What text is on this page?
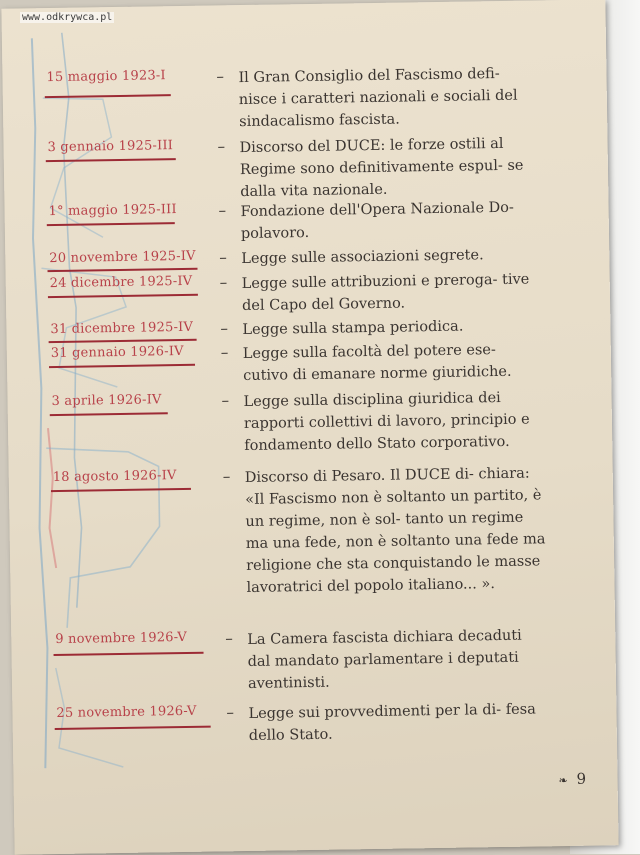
15 maggio 1923-I	– Il Gran Consiglio del Fascismo defi- nisce i caratteri nazionali e sociali del sindacalismo fascista.
3 gennaio 1925-III	– Discorso del DUCE: le forze ostili al Regime sono definitivamente espul- se dalla vita nazionale.
1° maggio 1925-III	– Fondazione dell'Opera Nazionale Do- polavoro.
20 novembre 1925-IV	– Legge sulle associazioni segrete.
24 dicembre 1925-IV	– Legge sulle attribuzioni e preroga- tive del Capo del Governo.
31 dicembre 1925-IV	– Legge sulla stampa periodica.
31 gennaio 1926-IV	– Legge sulla facoltà del potere ese- cutivo di emanare norme giuridiche.
3 aprile 1926-IV	– Legge sulla disciplina giuridica dei rapporti collettivi di lavoro, principio e fondamento dello Stato corporativo.
18 agosto 1926-IV	– Discorso di Pesaro. Il DUCE di- chiara: «Il Fascismo non è soltanto un partito, è un regime, non è sol- tanto un regime ma una fede, non è soltanto una fede ma religione che sta conquistando le masse lavoratrici del popolo italiano... ».
9 novembre 1926-V	– La Camera fascista dichiara decaduti dal mandato parlamentare i deputati aventinisti.
25 novembre 1926-V	– Legge sui provvedimenti per la di- fesa dello Stato.
❧ 9
www.odkrywca.pl
